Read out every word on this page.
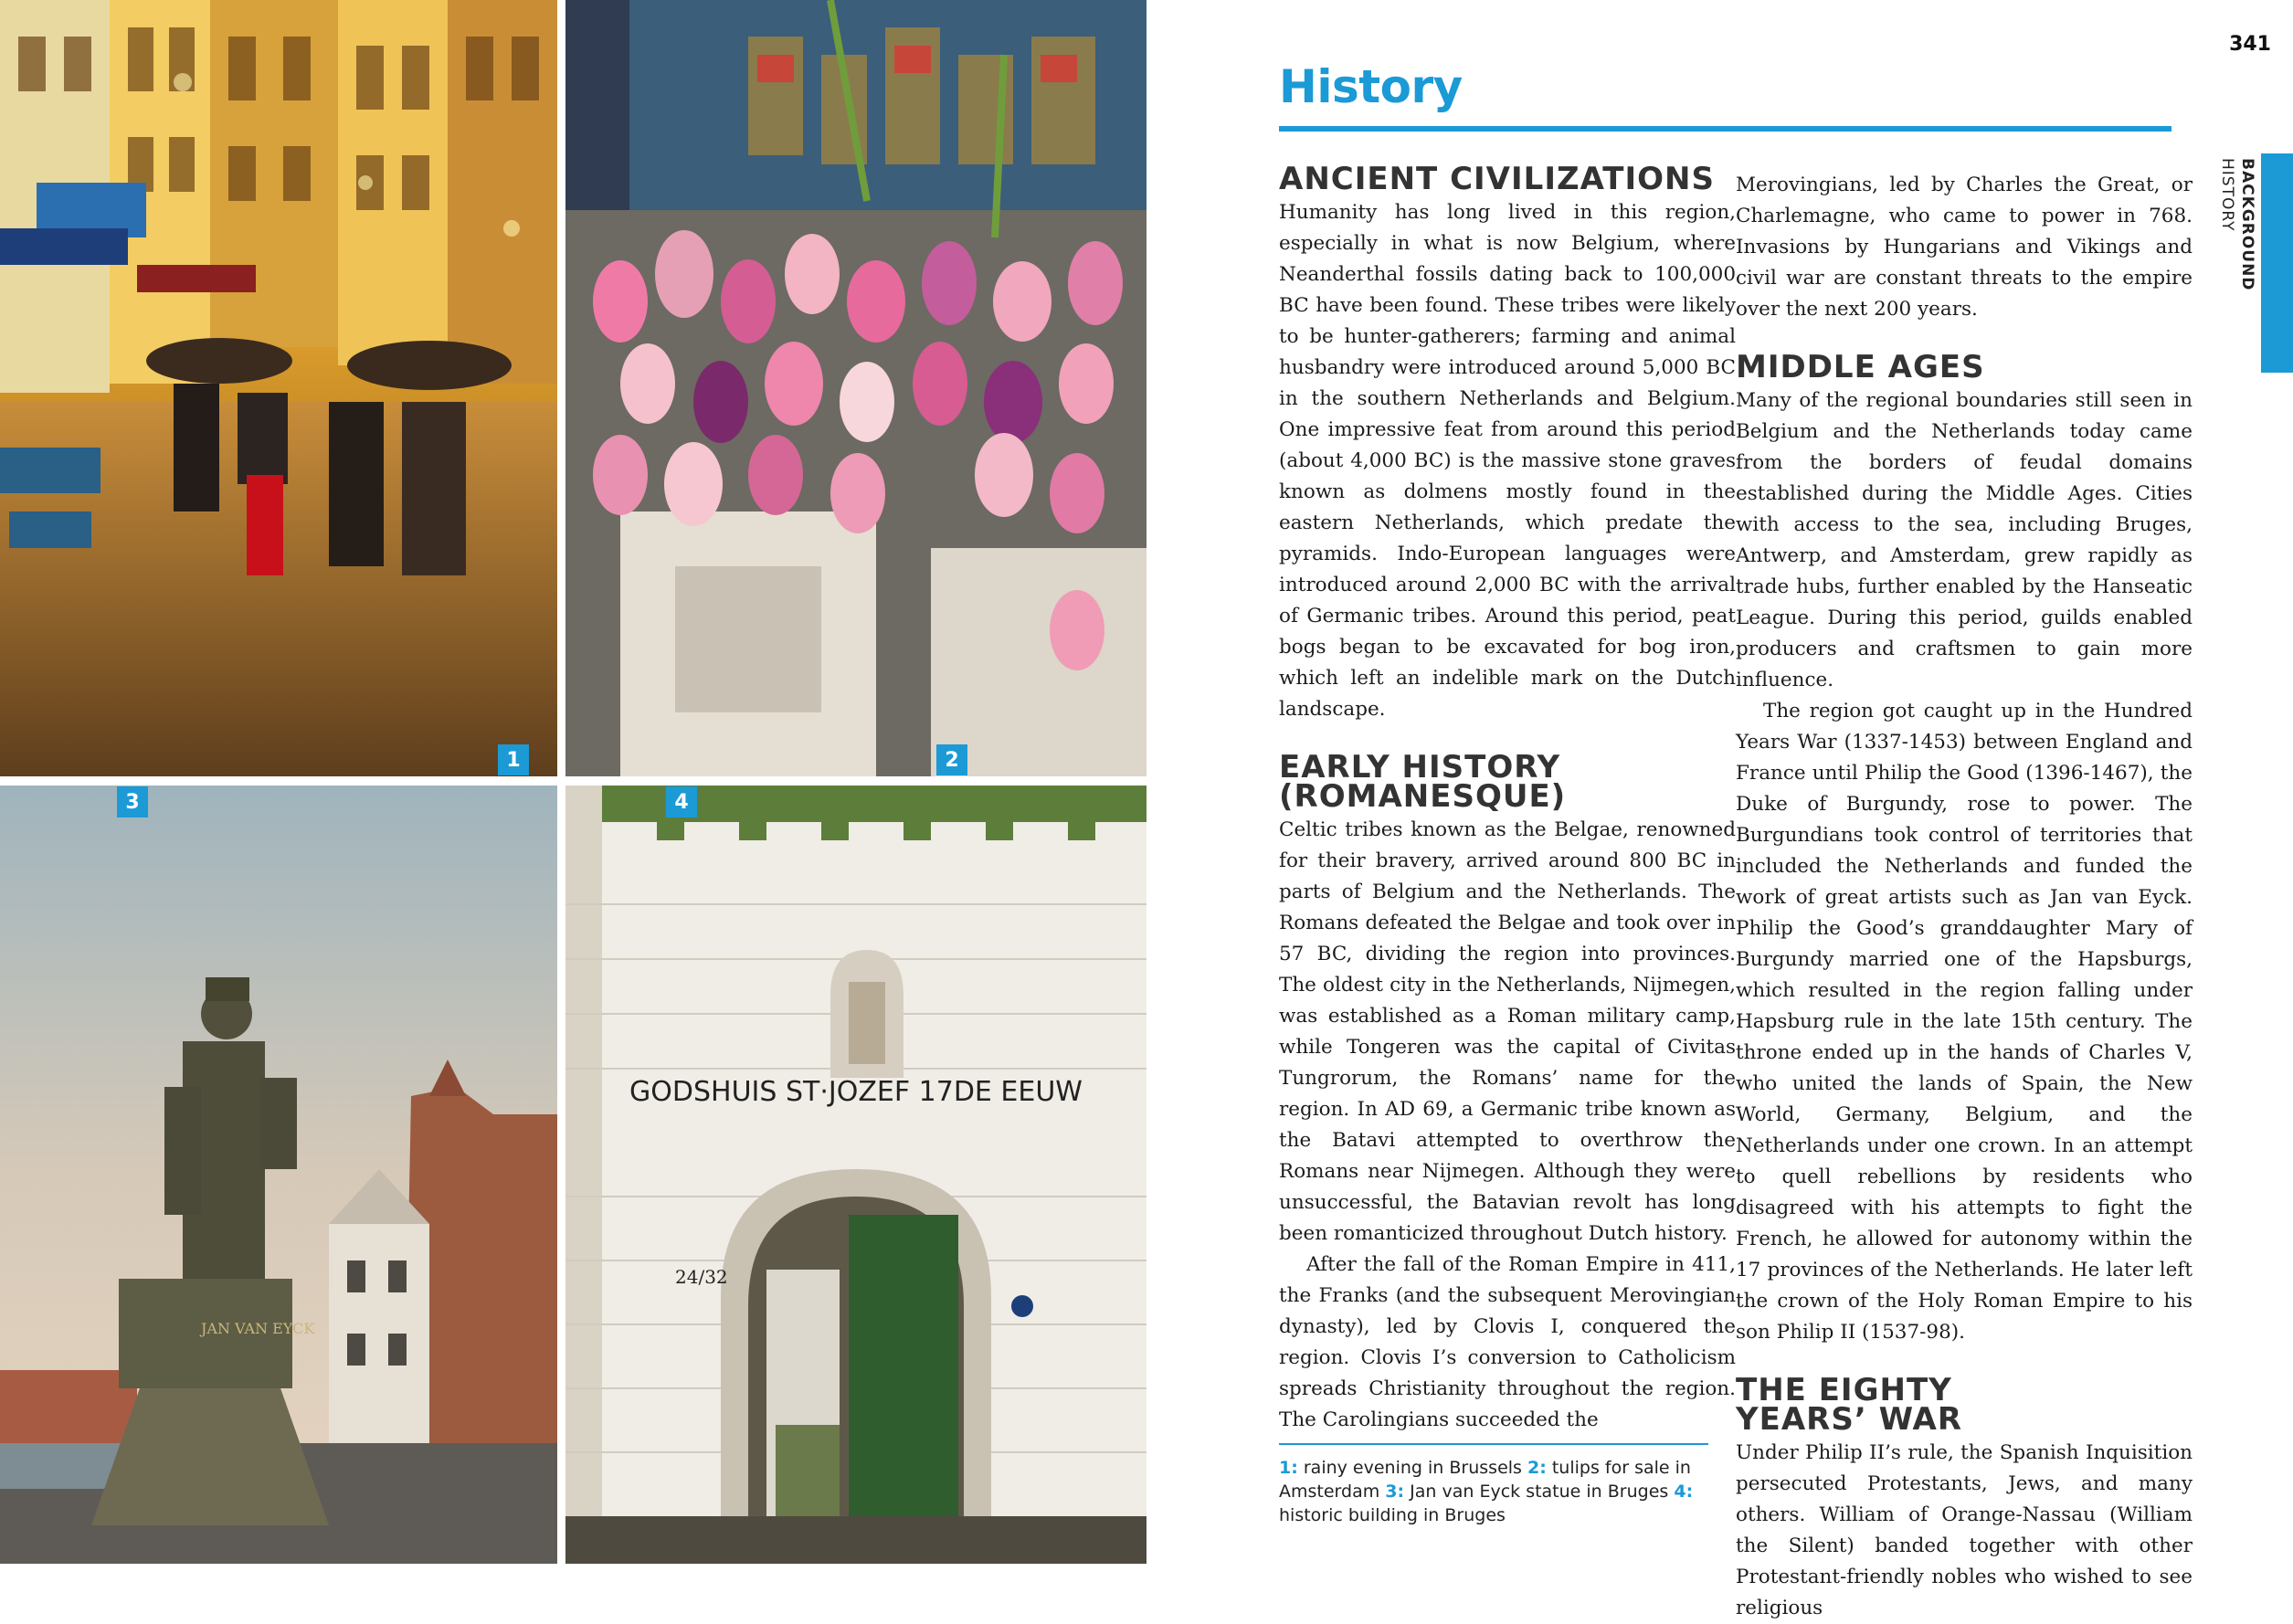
JAN VAN EYCK
GODSHUIS ST·JOZEF 17DE EEUW
24/32
1	2
3	4
341
History
BACKGROUND
HISTORY
ANCIENT CIVILIZATIONS

Humanity has long lived in this region, especially in what is now Belgium, where Neanderthal fossils dating back to 100,000 BC have been found. These tribes were likely to be hunter-gatherers; farming and animal husbandry were introduced around 5,000 BC in the southern Netherlands and Belgium. One impressive feat from around this period (about 4,000 BC) is the massive stone graves known as dolmens mostly found in the eastern Netherlands, which predate the pyramids. Indo-European languages were introduced around 2,000 BC with the arrival of Germanic tribes. Around this period, peat bogs began to be excavated for bog iron, which left an indelible mark on the Dutch landscape.

EARLY HISTORY
(ROMANESQUE)

Celtic tribes known as the Belgae, renowned for their bravery, arrived around 800 BC in parts of Belgium and the Netherlands. The Romans defeated the Belgae and took over in 57 BC, dividing the region into provinces. The oldest city in the Netherlands, Nijmegen, was established as a Roman military camp, while Tongeren was the capital of Civitas Tungrorum, the Romans’ name for the region. In AD 69, a Germanic tribe known as the Batavi attempted to overthrow the Romans near Nijmegen. Although they were unsuccessful, the Batavian revolt has long been romanticized throughout Dutch history.

After the fall of the Roman Empire in 411, the Franks (and the subsequent Merovingian dynasty), led by Clovis I, conquered the region. Clovis I’s conversion to Catholicism spreads Christianity throughout the region. The Carolingians succeeded the

Merovingians, led by Charles the Great, or Charlemagne, who came to power in 768. Invasions by Hungarians and Vikings and civil war are constant threats to the empire over the next 200 years.

MIDDLE AGES

Many of the regional boundaries still seen in Belgium and the Netherlands today came from the borders of feudal domains established during the Middle Ages. Cities with access to the sea, including Bruges, Antwerp, and Amsterdam, grew rapidly as trade hubs, further enabled by the Hanseatic League. During this period, guilds enabled producers and craftsmen to gain more influence.

The region got caught up in the Hundred Years War (1337-1453) between England and France until Philip the Good (1396-1467), the Duke of Burgundy, rose to power. The Burgundians took control of territories that included the Netherlands and funded the work of great artists such as Jan van Eyck. Philip the Good’s granddaughter Mary of Burgundy married one of the Hapsburgs, which resulted in the region falling under Hapsburg rule in the late 15th century. The throne ended up in the hands of Charles V, who united the lands of Spain, the New World, Germany, Belgium, and the Netherlands under one crown. In an attempt to quell rebellions by residents who disagreed with his attempts to fight the French, he allowed for autonomy within the 17 provinces of the Netherlands. He later left the crown of the Holy Roman Empire to his son Philip II (1537-98).

THE EIGHTY
YEARS’ WAR

Under Philip II’s rule, the Spanish Inquisition persecuted Protestants, Jews, and many others. William of Orange-Nassau (William the Silent) banded together with other Protestant-friendly nobles who wished to see religious

1: rainy evening in Brussels 2: tulips for sale in Amsterdam 3: Jan van Eyck statue in Bruges 4: historic building in Bruges
